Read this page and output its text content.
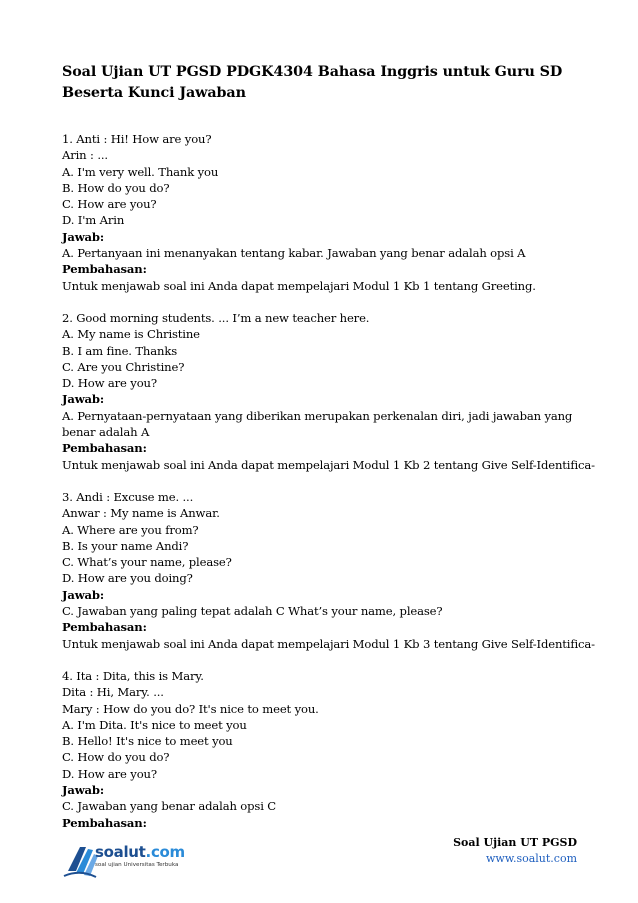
Soal Ujian UT PGSD PDGK4304 Bahasa Inggris untuk Guru SD Beserta Kunci Jawaban
1. Anti : Hi! How are you?
Arin : ...
A. I'm very well. Thank you
B. How do you do?
C. How are you?
D. I'm Arin
Jawab:
A. Pertanyaan ini menanyakan tentang kabar. Jawaban yang benar adalah opsi A
Pembahasan:
Untuk menjawab soal ini Anda dapat mempelajari Modul 1 Kb 1 tentang Greeting.
2. Good morning students. ... I’m a new teacher here.
A. My name is Christine
B. I am fine. Thanks
C. Are you Christine?
D. How are you?
Jawab:
A. Pernyataan-pernyataan yang diberikan merupakan perkenalan diri, jadi jawaban yang
benar adalah A
Pembahasan:
Untuk menjawab soal ini Anda dapat mempelajari Modul 1 Kb 2 tentang Give Self-Identifica-
3. Andi : Excuse me. ...
Anwar : My name is Anwar.
A. Where are you from?
B. Is your name Andi?
C. What’s your name, please?
D. How are you doing?
Jawab:
C. Jawaban yang paling tepat adalah C What’s your name, please?
Pembahasan:
Untuk menjawab soal ini Anda dapat mempelajari Modul 1 Kb 3 tentang Give Self-Identifica-
4. Ita : Dita, this is Mary.
Dita : Hi, Mary. ...
Mary : How do you do? It's nice to meet you.
A. I'm Dita. It's nice to meet you
B. Hello! It's nice to meet you
C. How do you do?
D. How are you?
Jawab:
C. Jawaban yang benar adalah opsi C
Pembahasan:
soalut.com
soal ujian Universitas Terbuka
Soal Ujian UT PGSD
www.soalut.com
